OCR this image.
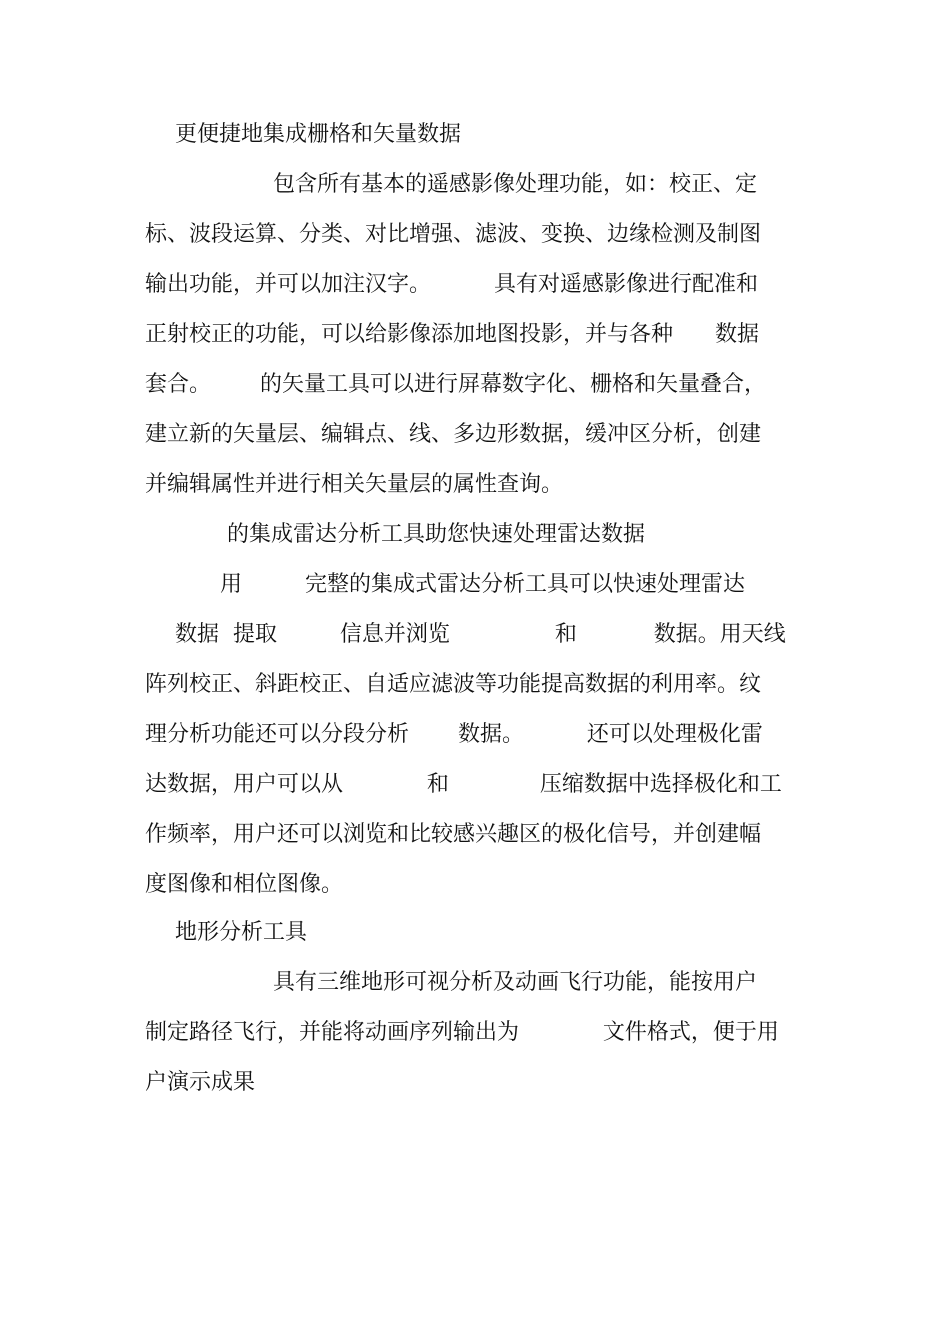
更便捷地集成栅格和矢量数据
包含所有基本的遥感影像处理功能，如：校正、定
标、波段运算、分类、对比增强、滤波、变换、边缘检测及制图
输出功能，并可以加注汉字。         具有对遥感影像进行配准和
正射校正的功能，可以给影像添加地图投影，并与各种      数据
套合。       的矢量工具可以进行屏幕数字化、栅格和矢量叠合，
建立新的矢量层、编辑点、线、多边形数据，缓冲区分析，创建
并编辑属性并进行相关矢量层的属性查询。
的集成雷达分析工具助您快速处理雷达数据
用         完整的集成式雷达分析工具可以快速处理雷达
数据  提取         信息并浏览               和           数据。用天线
阵列校正、斜距校正、自适应滤波等功能提高数据的利用率。纹
理分析功能还可以分段分析       数据。         还可以处理极化雷
达数据，用户可以从            和             压缩数据中选择极化和工
作频率，用户还可以浏览和比较感兴趣区的极化信号，并创建幅
度图像和相位图像。
地形分析工具
具有三维地形可视分析及动画飞行功能，能按用户
制定路径飞行，并能将动画序列输出为            文件格式，便于用
户演示成果
